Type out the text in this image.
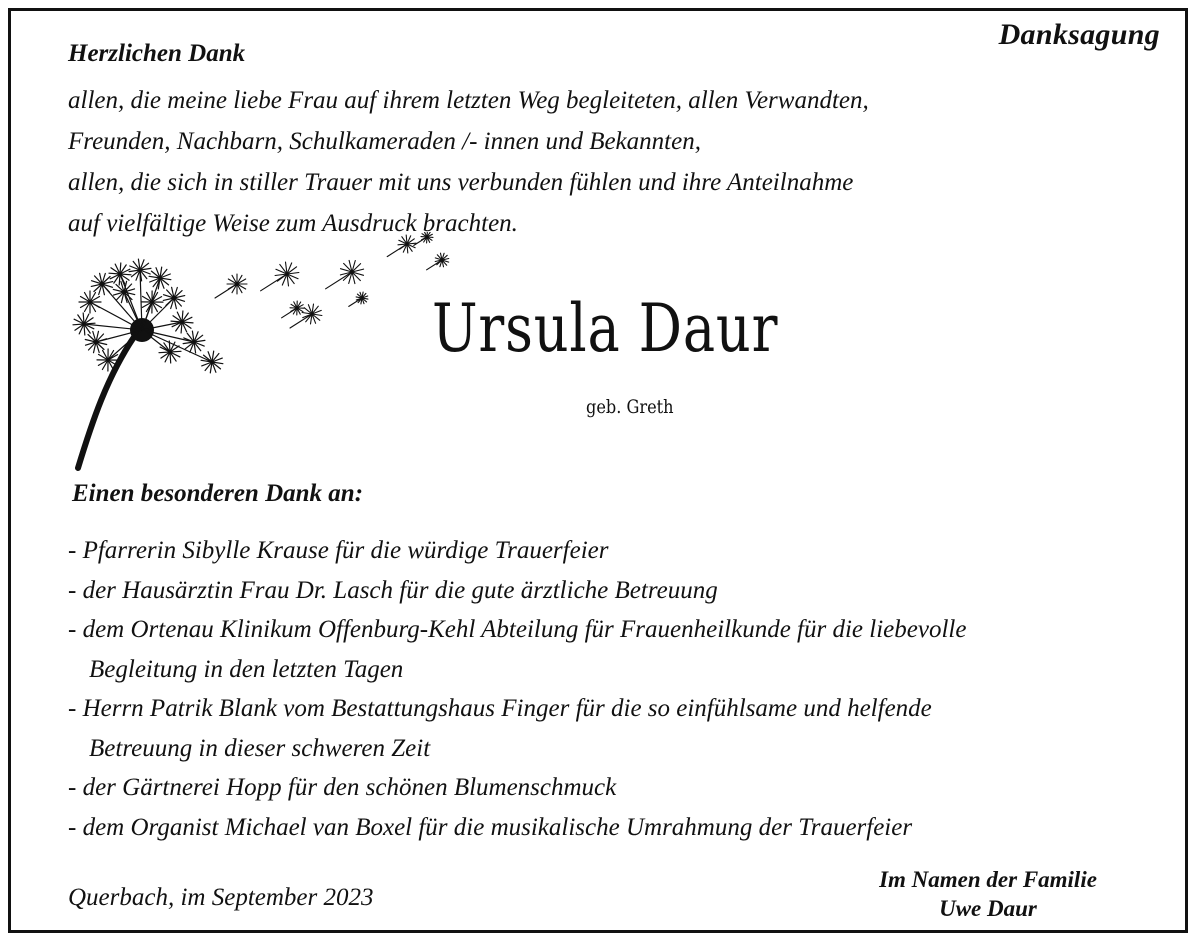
Danksagung
Herzlichen Dank
allen, die meine liebe Frau auf ihrem letzten Weg begleiteten, allen Verwandten,
Freunden, Nachbarn, Schulkameraden /- innen und Bekannten,
allen, die sich in stiller Trauer mit uns verbunden fühlen und ihre Anteilnahme
auf vielfältige Weise zum Ausdruck brachten.
Ursula Daur
geb. Greth
Einen besonderen Dank an:
- Pfarrerin Sibylle Krause für die würdige Trauerfeier
- der Hausärztin Frau Dr. Lasch für die gute ärztliche Betreuung
- dem Ortenau Klinikum Offenburg-Kehl Abteilung für Frauenheilkunde für die liebevolle
Begleitung in den letzten Tagen
- Herrn Patrik Blank vom Bestattungshaus Finger für die so einfühlsame und helfende
Betreuung in dieser schweren Zeit
- der Gärtnerei Hopp für den schönen Blumenschmuck
- dem Organist Michael van Boxel für die musikalische Umrahmung der Trauerfeier
Querbach, im September 2023
Im Namen der Familie
Uwe Daur
